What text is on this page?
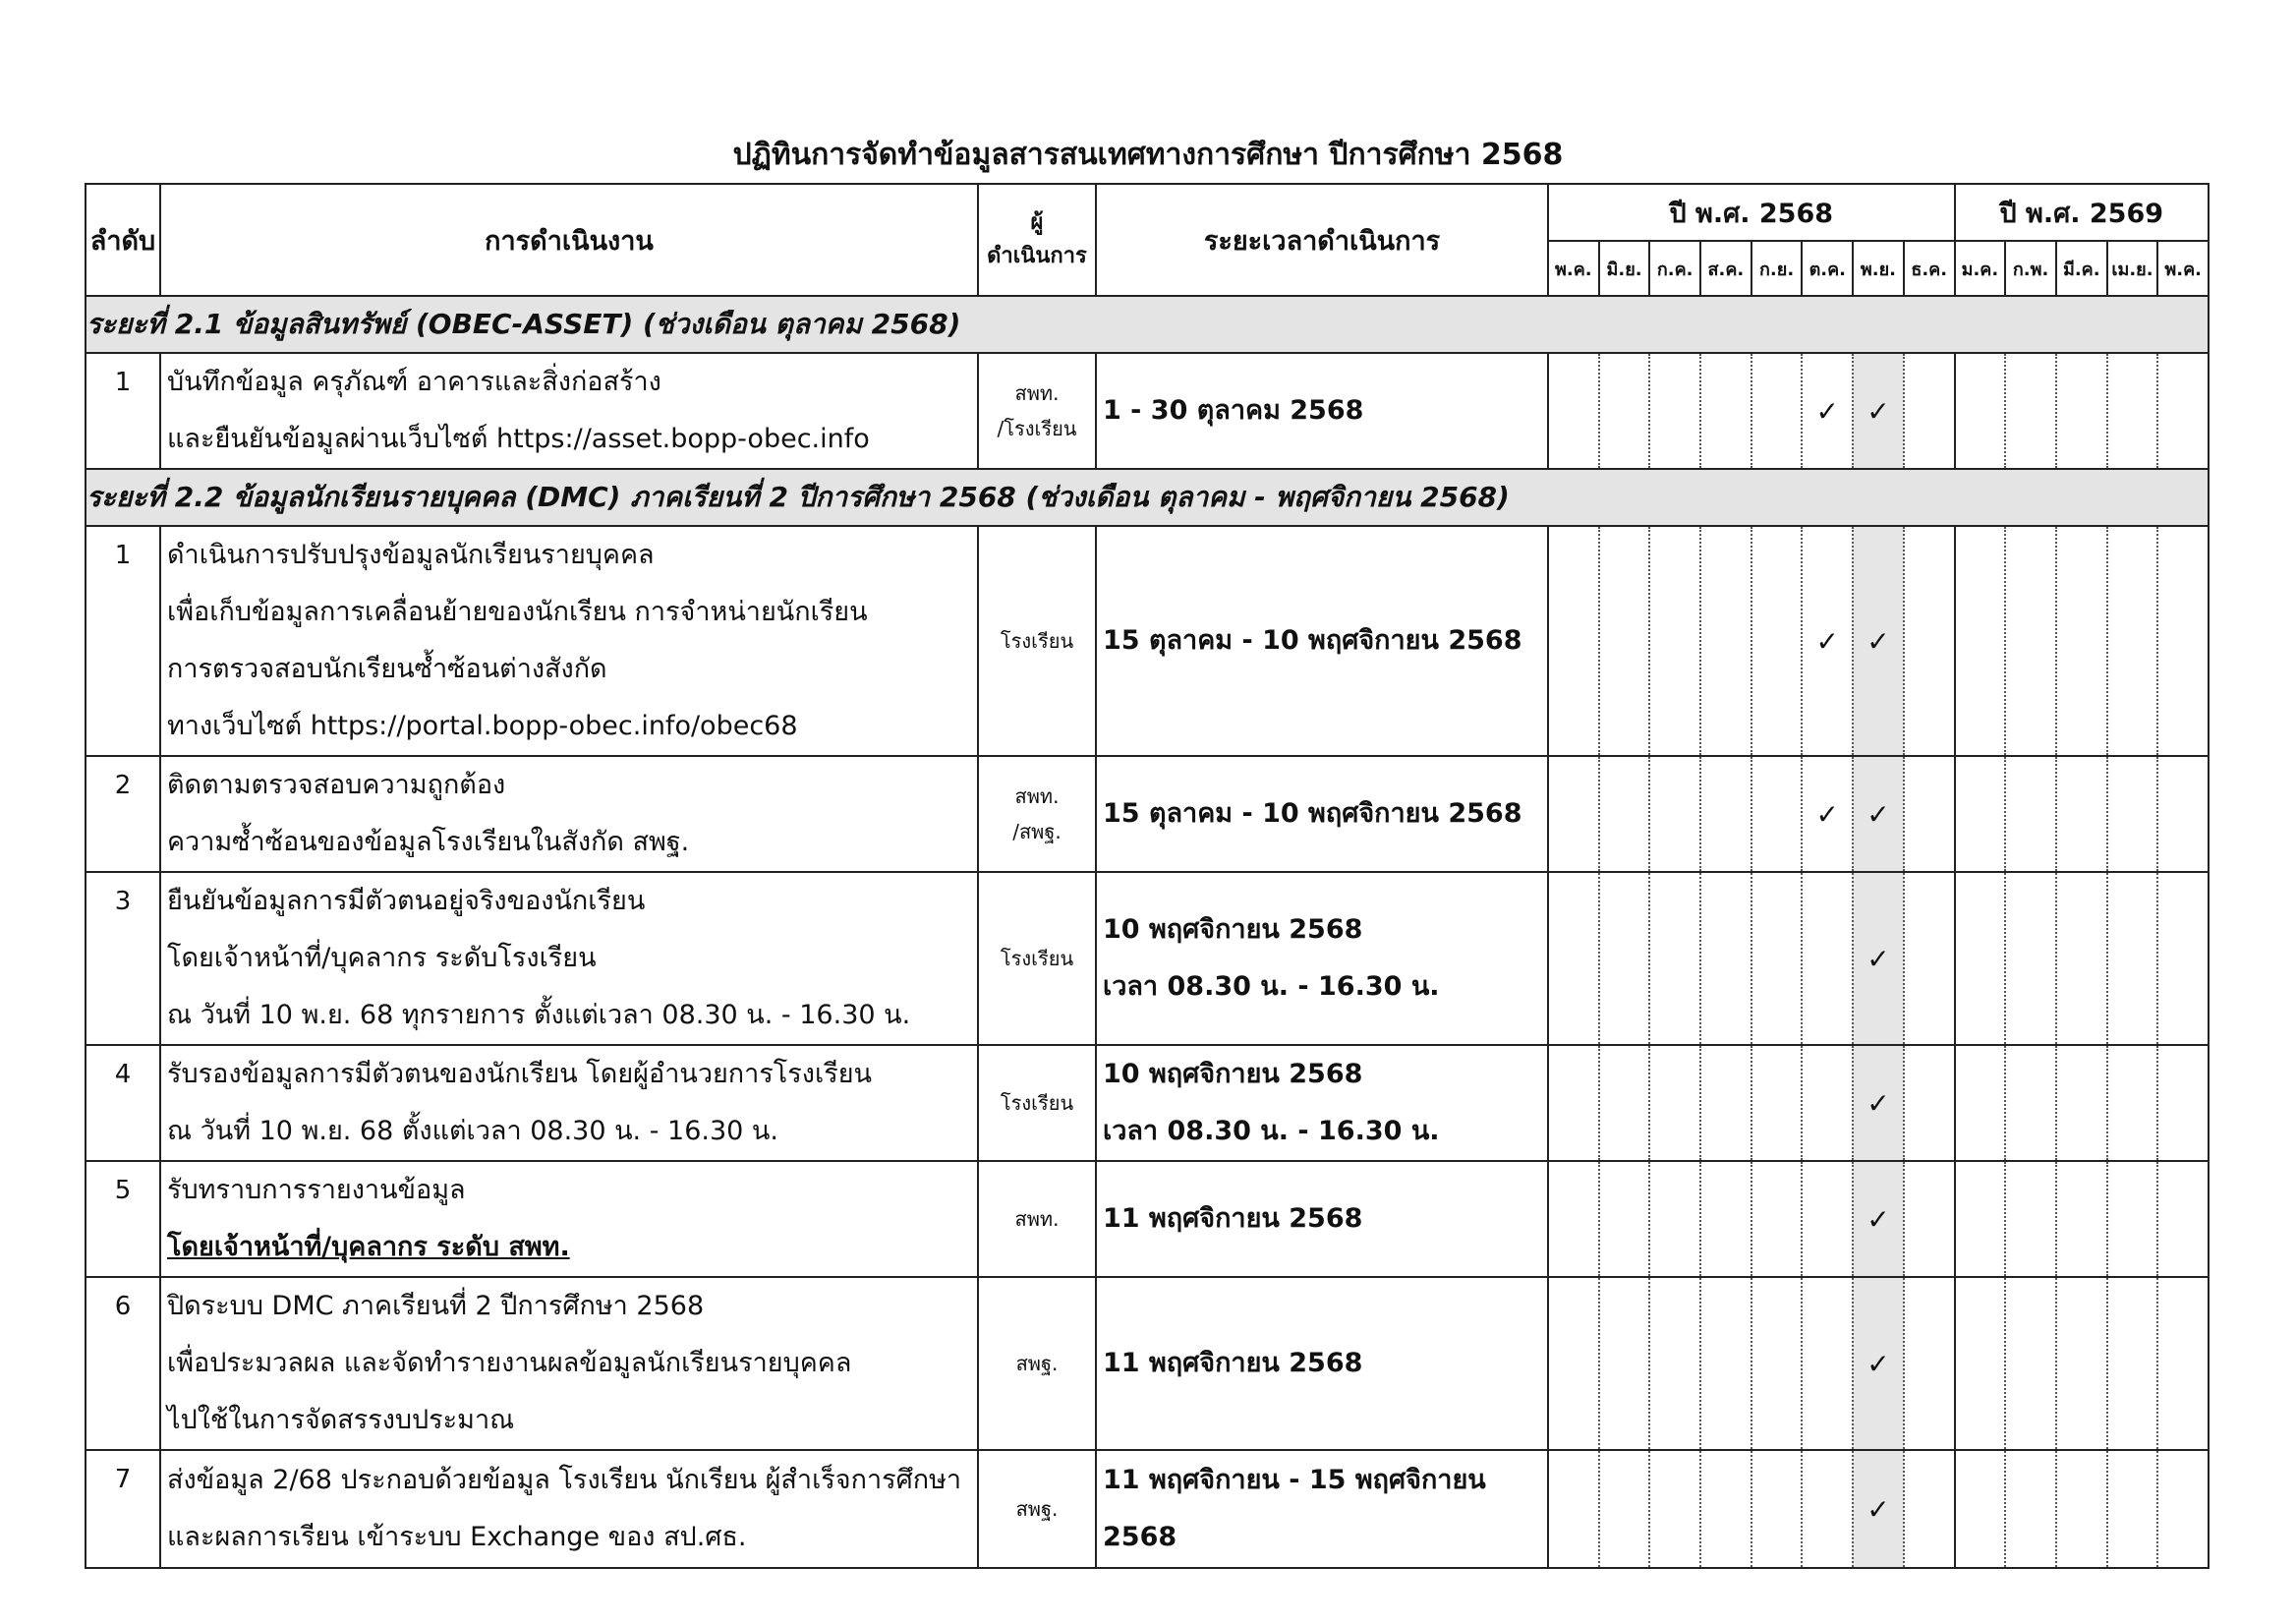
ปฏิทินการจัดทำข้อมูลสารสนเทศทางการศึกษา ปีการศึกษา 2568
ลำดับ	การดำเนินงาน	ผู้
ดำเนินการ	ระยะเวลาดำเนินการ	ปี พ.ศ. 2568								ปี พ.ศ. 2569				
				พ.ค.	มิ.ย.	ก.ค.	ส.ค.	ก.ย.	ต.ค.	พ.ย.	ธ.ค.	ม.ค.	ก.พ.	มี.ค.	เม.ย.	พ.ค.
ระยะที่ 2.1 ข้อมูลสินทรัพย์ (OBEC-ASSET) (ช่วงเดือน ตุลาคม 2568)																
1	บันทึกข้อมูล ครุภัณฑ์ อาคารและสิ่งก่อสร้าง
และยืนยันข้อมูลผ่านเว็บไซต์ https://asset.bopp-obec.info	สพท.
/โรงเรียน	1 - 30 ตุลาคม 2568						✓	✓						
ระยะที่ 2.2 ข้อมูลนักเรียนรายบุคคล (DMC) ภาคเรียนที่ 2 ปีการศึกษา 2568 (ช่วงเดือน ตุลาคม - พฤศจิกายน 2568)																
1	ดำเนินการปรับปรุงข้อมูลนักเรียนรายบุคคล
เพื่อเก็บข้อมูลการเคลื่อนย้ายของนักเรียน การจำหน่ายนักเรียน
การตรวจสอบนักเรียนซ้ำซ้อนต่างสังกัด
ทางเว็บไซต์ https://portal.bopp-obec.info/obec68	โรงเรียน	15 ตุลาคม - 10 พฤศจิกายน 2568						✓	✓						
2	ติดตามตรวจสอบความถูกต้อง
ความซ้ำซ้อนของข้อมูลโรงเรียนในสังกัด สพฐ.	สพท.
/สพฐ.	15 ตุลาคม - 10 พฤศจิกายน 2568						✓	✓						
3	ยืนยันข้อมูลการมีตัวตนอยู่จริงของนักเรียน
โดยเจ้าหน้าที่/บุคลากร ระดับโรงเรียน
ณ วันที่ 10 พ.ย. 68 ทุกรายการ ตั้งแต่เวลา 08.30 น. - 16.30 น.	โรงเรียน	10 พฤศจิกายน 2568
เวลา 08.30 น. - 16.30 น.							✓						
4	รับรองข้อมูลการมีตัวตนของนักเรียน โดยผู้อำนวยการโรงเรียน
ณ วันที่ 10 พ.ย. 68 ตั้งแต่เวลา 08.30 น. - 16.30 น.	โรงเรียน	10 พฤศจิกายน 2568
เวลา 08.30 น. - 16.30 น.							✓						
5	รับทราบการรายงานข้อมูล
โดยเจ้าหน้าที่/บุคลากร ระดับ สพท.	สพท.	11 พฤศจิกายน 2568							✓						
6	ปิดระบบ DMC ภาคเรียนที่ 2 ปีการศึกษา 2568
เพื่อประมวลผล และจัดทำรายงานผลข้อมูลนักเรียนรายบุคคล
ไปใช้ในการจัดสรรงบประมาณ	สพฐ.	11 พฤศจิกายน 2568							✓						
7	ส่งข้อมูล 2/68 ประกอบด้วยข้อมูล โรงเรียน นักเรียน ผู้สำเร็จการศึกษา
และผลการเรียน เข้าระบบ Exchange ของ สป.ศธ.	สพฐ.	11 พฤศจิกายน - 15 พฤศจิกายน
2568							✓						
